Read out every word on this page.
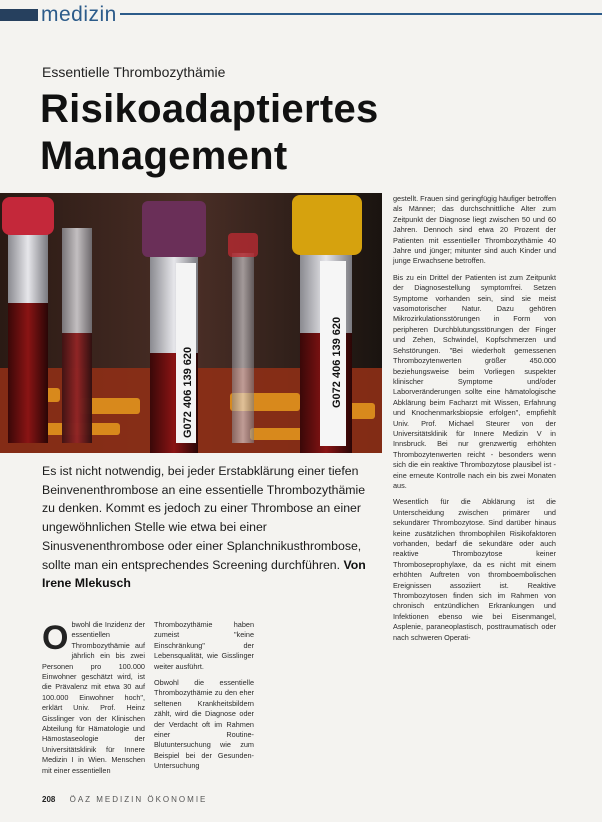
medizin
Essentielle Thrombozythämie
Risikoadaptiertes
Management
G072 406 139 620	G072 406 139 620

Es ist nicht notwendig, bei jeder Erstabklärung einer tiefen Beinvenenthrombose an eine essentielle Thrombozythämie zu denken. Kommt es jedoch zu einer Thrombose an einer ungewöhnlichen Stelle wie etwa bei einer Sinusvenenthrombose oder einer Splanchnikusthrombose, sollte man ein entsprechendes Screening durchführen. Von Irene Mlekusch

Obwohl die Inzidenz der essentiellen Thrombozythämie auf jährlich ein bis zwei Personen pro 100.000 Einwohner geschätzt wird, ist die Prävalenz mit etwa 30 auf 100.000 Einwohner hoch", erklärt Univ. Prof. Heinz Gisslinger von der Klinischen Abteilung für Hämatologie und Hämostaseologie der Universitätsklinik für Innere Medizin I in Wien. Menschen mit einer essentiellen

Thrombozythämie haben zumeist "keine Einschränkung" der Lebensqualität, wie Gisslinger weiter ausführt.

Obwohl die essentielle Thrombozythämie zu den eher seltenen Krankheitsbildern zählt, wird die Diagnose oder der Verdacht oft im Rahmen einer Routine-Blutuntersuchung wie zum Beispiel bei der Gesunden-Untersuchung

gestellt. Frauen sind geringfügig häufiger betroffen als Männer; das durchschnittliche Alter zum Zeitpunkt der Diagnose liegt zwischen 50 und 60 Jahren. Dennoch sind etwa 20 Prozent der Patienten mit essentieller Thrombozythämie 40 Jahre und jünger; mitunter sind auch Kinder und junge Erwachsene betroffen.

Bis zu ein Drittel der Patienten ist zum Zeitpunkt der Diagnosestellung symptomfrei. Setzen Symptome vorhanden sein, sind sie meist vasomotorischer Natur. Dazu gehören Mikrozirkulationsstörungen in Form von peripheren Durchblutungsstörungen der Finger und Zehen, Schwindel, Kopfschmerzen und Sehstörungen. "Bei wiederholt gemessenen Thrombozytenwerten größer 450.000 beziehungsweise beim Vorliegen suspekter klinischer Symptome und/oder Laborveränderungen sollte eine hämatologische Abklärung beim Facharzt mit Wissen, Erfahrung und Knochenmarksbiopsie erfolgen", empfiehlt Univ. Prof. Michael Steurer von der Universitätsklinik für Innere Medizin V in Innsbruck. Bei nur grenzwertig erhöhten Thrombozytenwerten reicht - besonders wenn sich die ein reaktive Thrombozytose plausibel ist - eine erneute Kontrolle nach ein bis zwei Monaten aus.

Wesentlich für die Abklärung ist die Unterscheidung zwischen primärer und sekundärer Thrombozytose. Sind darüber hinaus keine zusätzlichen thrombophilen Risikofaktoren vorhanden, bedarf die sekundäre oder auch reaktive Thrombozytose keiner Thromboseprophylaxe, da es nicht mit einem erhöhten Auftreten von thromboembolischen Ereignissen assoziiert ist. Reaktive Thrombozytosen finden sich im Rahmen von chronisch entzündlichen Erkrankungen und Infektionen ebenso wie bei Eisenmangel, Asplenie, paraneoplastisch, posttraumatisch oder nach schweren Operati-

208 ÖAZ MEDIZIN ÖKONOMIE
